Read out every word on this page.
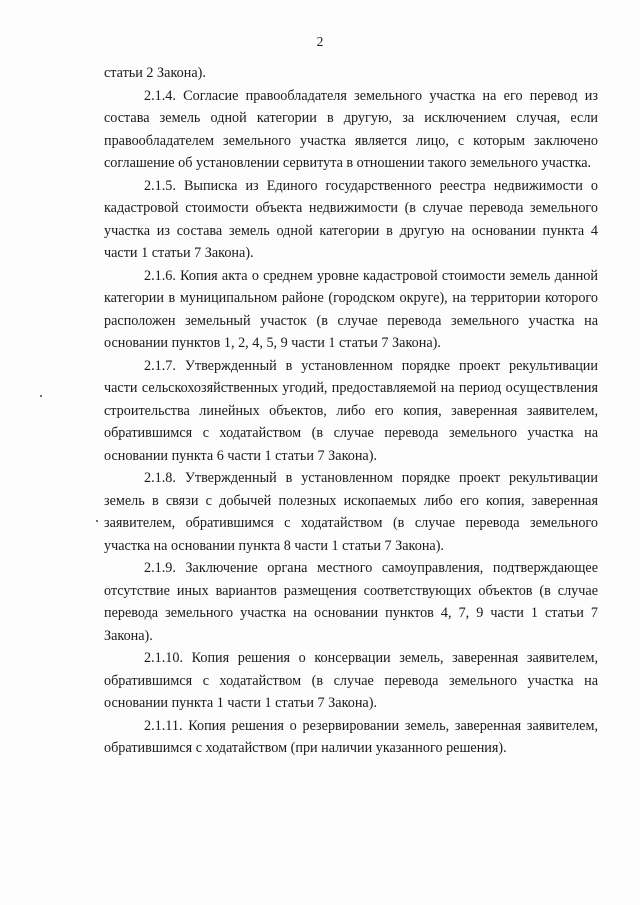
2

статьи 2 Закона).

2.1.4. Согласие правообладателя земельного участка на его перевод из состава земель одной категории в другую, за исключением случая, если правообладателем земельного участка является лицо, с которым заключено соглашение об установлении сервитута в отношении такого земельного участка.

2.1.5. Выписка из Единого государственного реестра недвижимости о кадастровой стоимости объекта недвижимости (в случае перевода земельного участка из состава земель одной категории в другую на основании пункта 4 части 1 статьи 7 Закона).

2.1.6. Копия акта о среднем уровне кадастровой стоимости земель данной категории в муниципальном районе (городском округе), на территории которого расположен земельный участок (в случае перевода земельного участка на основании пунктов 1, 2, 4, 5, 9 части 1 статьи 7 Закона).

2.1.7. Утвержденный в установленном порядке проект рекультивации части сельскохозяйственных угодий, предоставляемой на период осуществления строительства линейных объектов, либо его копия, заверенная заявителем, обратившимся с ходатайством (в случае перевода земельного участка на основании пункта 6 части 1 статьи 7 Закона).

2.1.8. Утвержденный в установленном порядке проект рекультивации земель в связи с добычей полезных ископаемых либо его копия, заверенная заявителем, обратившимся с ходатайством (в случае перевода земельного участка на основании пункта 8 части 1 статьи 7 Закона).

2.1.9. Заключение органа местного самоуправления, подтверждающее отсутствие иных вариантов размещения соответствующих объектов (в случае перевода земельного участка на основании пунктов 4, 7, 9 части 1 статьи 7 Закона).

2.1.10. Копия решения о консервации земель, заверенная заявителем, обратившимся с ходатайством (в случае перевода земельного участка на основании пункта 1 части 1 статьи 7 Закона).

2.1.11. Копия решения о резервировании земель, заверенная заявителем, обратившимся с ходатайством (при наличии указанного решения).
